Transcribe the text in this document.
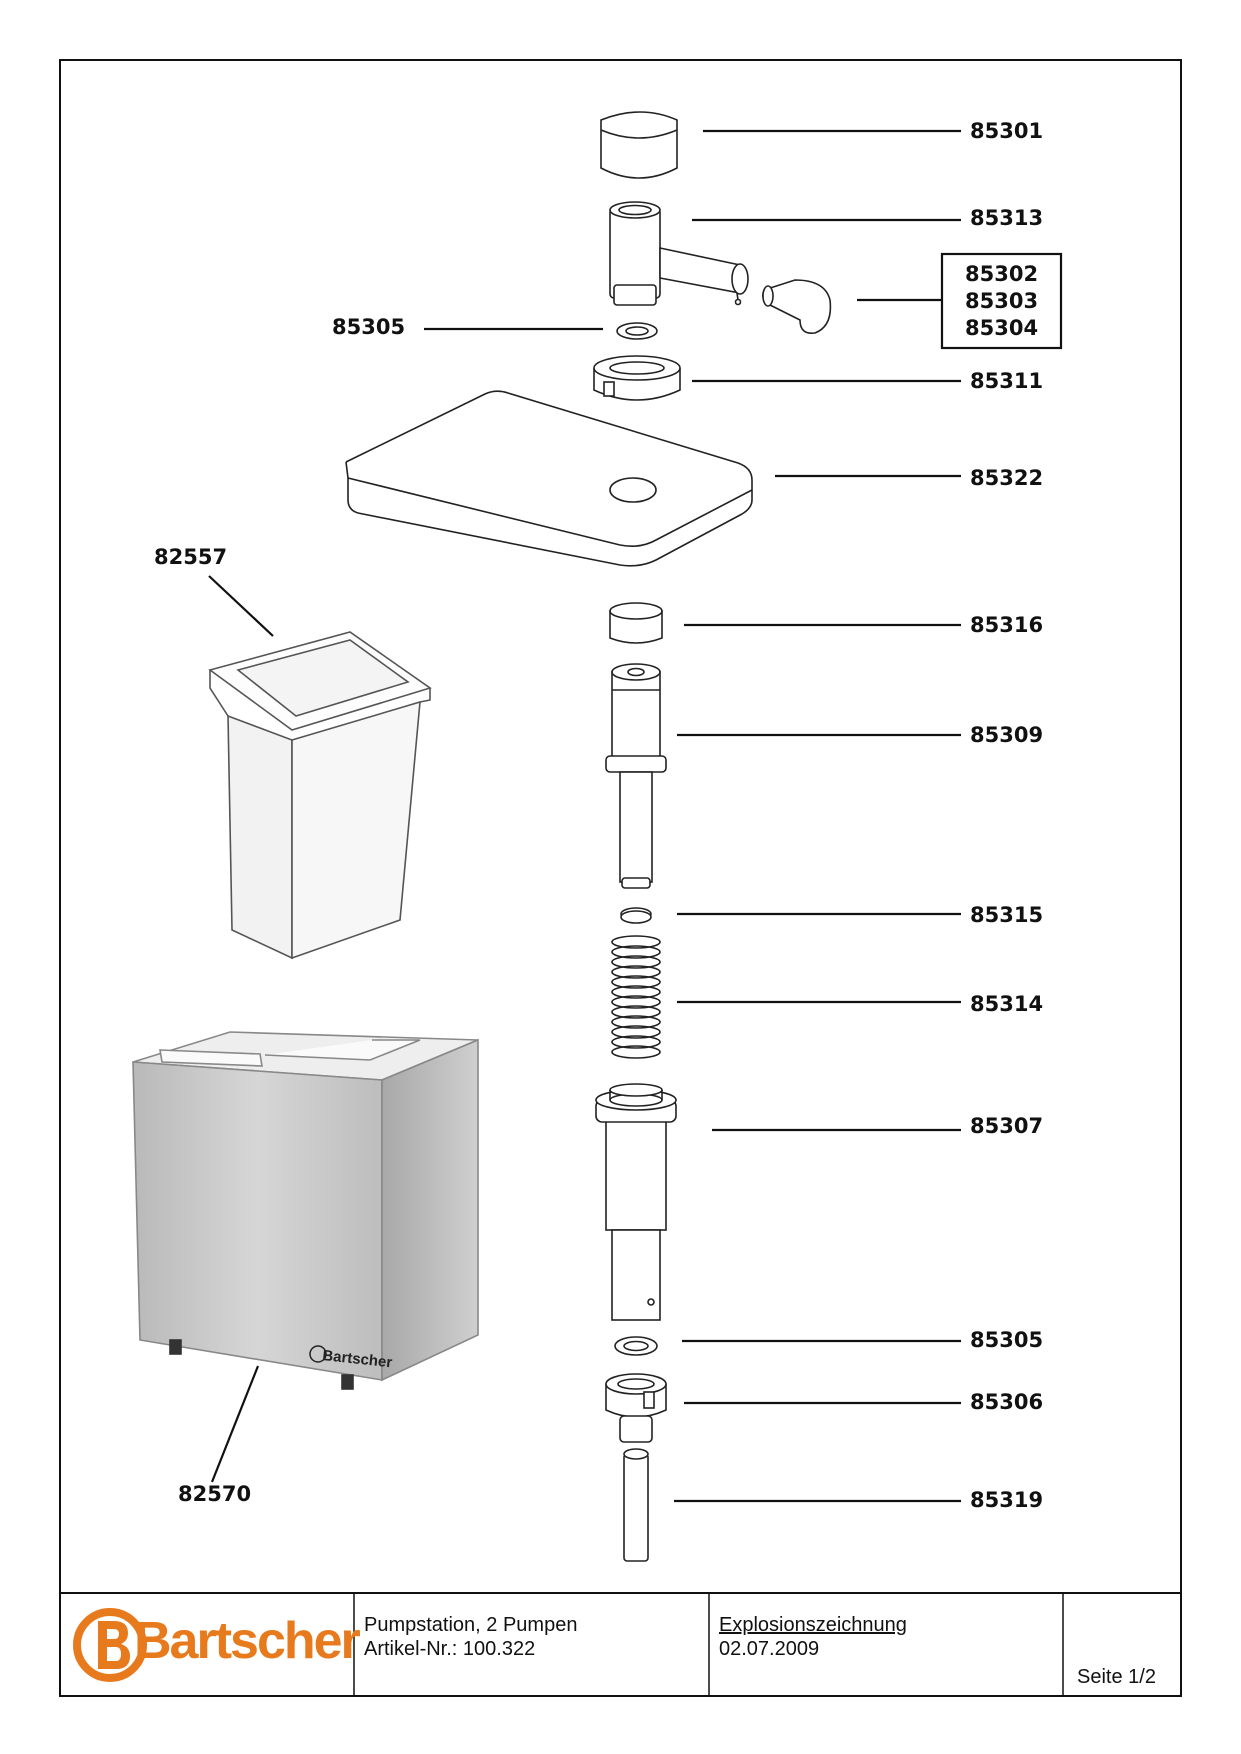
Bartscher
85301
85313
85302
85303
85304
85305
85311
85322
82557
85316
85309
85315
85314
85307
85305
85306
85319
82570
Bartscher Pumpstation, 2 Pumpen
Artikel-Nr.: 100.322
Explosionszeichnung
02.07.2009
Seite 1/2
